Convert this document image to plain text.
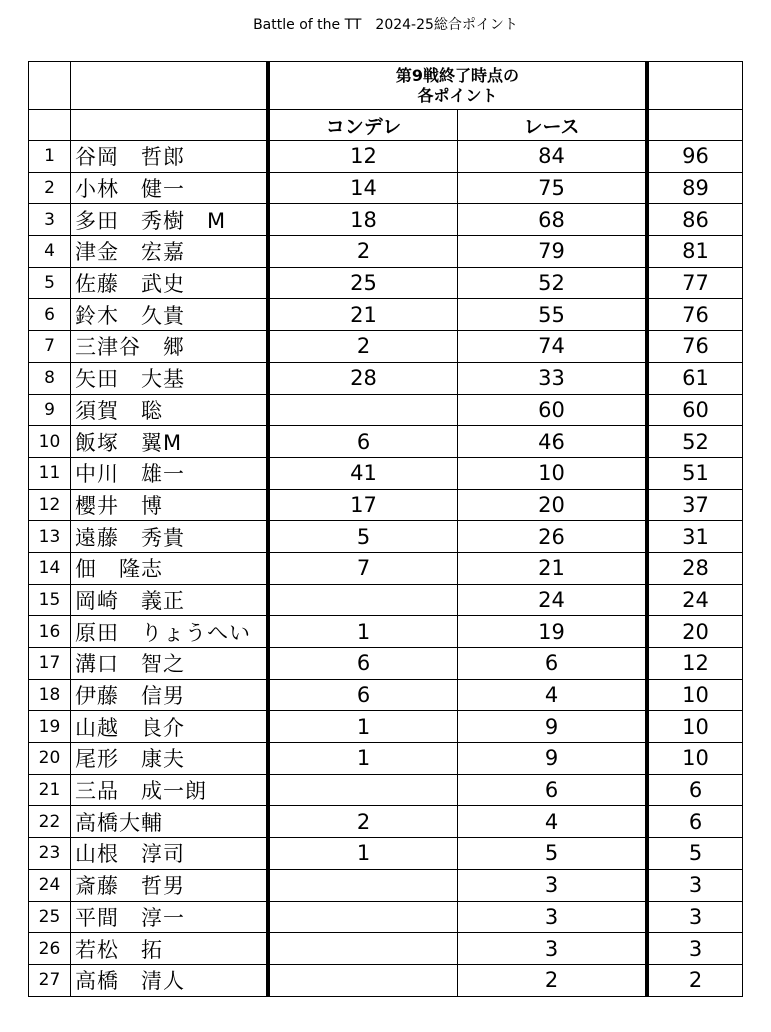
Battle of the TT　2024-25総合ポイント

		第9戦終了時点の
各ポイント		

		コンデレ	レース	
1	谷岡　哲郎	12	84	96
2	小林　健一	14	75	89
3	多田　秀樹　M	18	68	86
4	津金　宏嘉	2	79	81
5	佐藤　武史	25	52	77
6	鈴木　久貴	21	55	76
7	三津谷　郷	2	74	76
8	矢田　大基	28	33	61
9	須賀　聡		60	60
10	飯塚　翼M	6	46	52
11	中川　雄一	41	10	51
12	櫻井　博	17	20	37
13	遠藤　秀貴	5	26	31
14	佃　隆志	7	21	28
15	岡崎　義正		24	24
16	原田　りょうへい	1	19	20
17	溝口　智之	6	6	12
18	伊藤　信男	6	4	10
19	山越　良介	1	9	10
20	尾形　康夫	1	9	10
21	三品　成一朗		6	6
22	高橋大輔	2	4	6
23	山根　淳司	1	5	5
24	斎藤　哲男		3	3
25	平間　淳一		3	3
26	若松　拓		3	3
27	高橋　清人		2	2
